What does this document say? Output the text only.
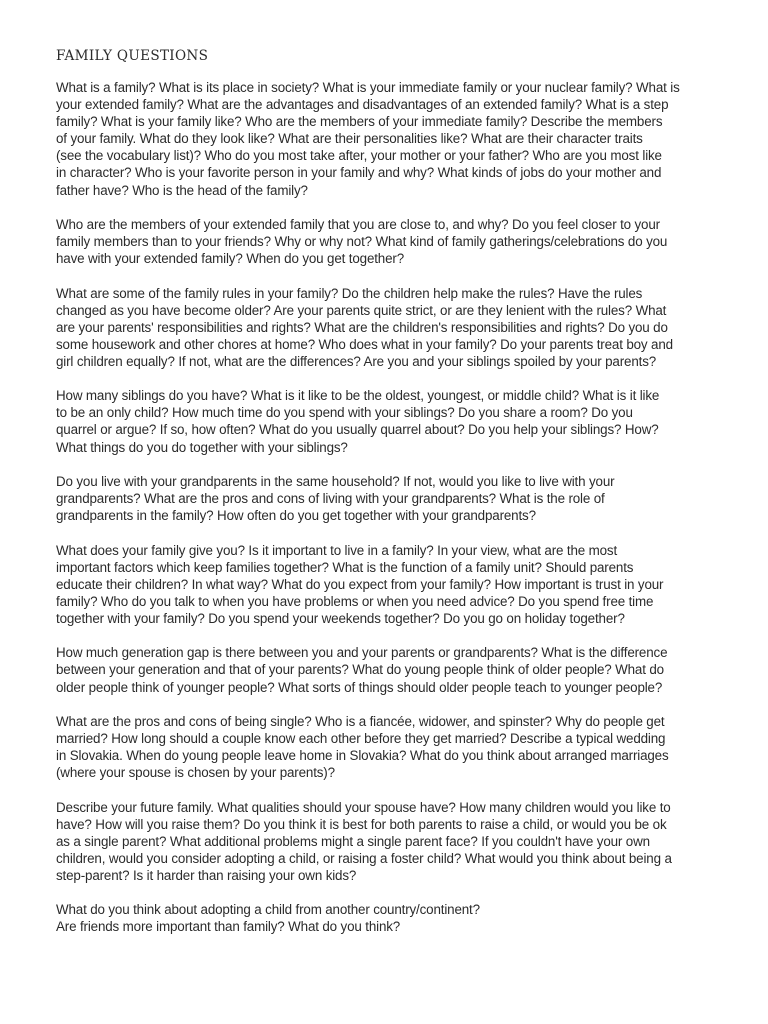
FAMILY QUESTIONS
What is a family? What is its place in society? What is your immediate family or your nuclear family? What is
your extended family? What are the advantages and disadvantages of an extended family? What is a step
family? What is your family like? Who are the members of your immediate family? Describe the members
of your family. What do they look like? What are their personalities like? What are their character traits
(see the vocabulary list)? Who do you most take after, your mother or your father? Who are you most like
in character? Who is your favorite person in your family and why? What kinds of jobs do your mother and
father have? Who is the head of the family?
Who are the members of your extended family that you are close to, and why? Do you feel closer to your
family members than to your friends? Why or why not? What kind of family gatherings/celebrations do you
have with your extended family? When do you get together?
What are some of the family rules in your family? Do the children help make the rules? Have the rules
changed as you have become older? Are your parents quite strict, or are they lenient with the rules? What
are your parents' responsibilities and rights? What are the children's responsibilities and rights? Do you do
some housework and other chores at home? Who does what in your family? Do your parents treat boy and
girl children equally? If not, what are the differences? Are you and your siblings spoiled by your parents?
How many siblings do you have? What is it like to be the oldest, youngest, or middle child? What is it like
to be an only child? How much time do you spend with your siblings? Do you share a room? Do you
quarrel or argue? If so, how often? What do you usually quarrel about? Do you help your siblings? How?
What things do you do together with your siblings?
Do you live with your grandparents in the same household? If not, would you like to live with your
grandparents? What are the pros and cons of living with your grandparents? What is the role of
grandparents in the family? How often do you get together with your grandparents?
What does your family give you? Is it important to live in a family? In your view, what are the most
important factors which keep families together? What is the function of a family unit? Should parents
educate their children? In what way? What do you expect from your family? How important is trust in your
family? Who do you talk to when you have problems or when you need advice? Do you spend free time
together with your family? Do you spend your weekends together? Do you go on holiday together?
How much generation gap is there between you and your parents or grandparents? What is the difference
between your generation and that of your parents? What do young people think of older people? What do
older people think of younger people? What sorts of things should older people teach to younger people?
What are the pros and cons of being single? Who is a fiancée, widower, and spinster? Why do people get
married? How long should a couple know each other before they get married? Describe a typical wedding
in Slovakia. When do young people leave home in Slovakia? What do you think about arranged marriages
(where your spouse is chosen by your parents)?
Describe your future family. What qualities should your spouse have? How many children would you like to
have? How will you raise them? Do you think it is best for both parents to raise a child, or would you be ok
as a single parent? What additional problems might a single parent face? If you couldn't have your own
children, would you consider adopting a child, or raising a foster child? What would you think about being a
step-parent? Is it harder than raising your own kids?
What do you think about adopting a child from another country/continent?
Are friends more important than family? What do you think?
